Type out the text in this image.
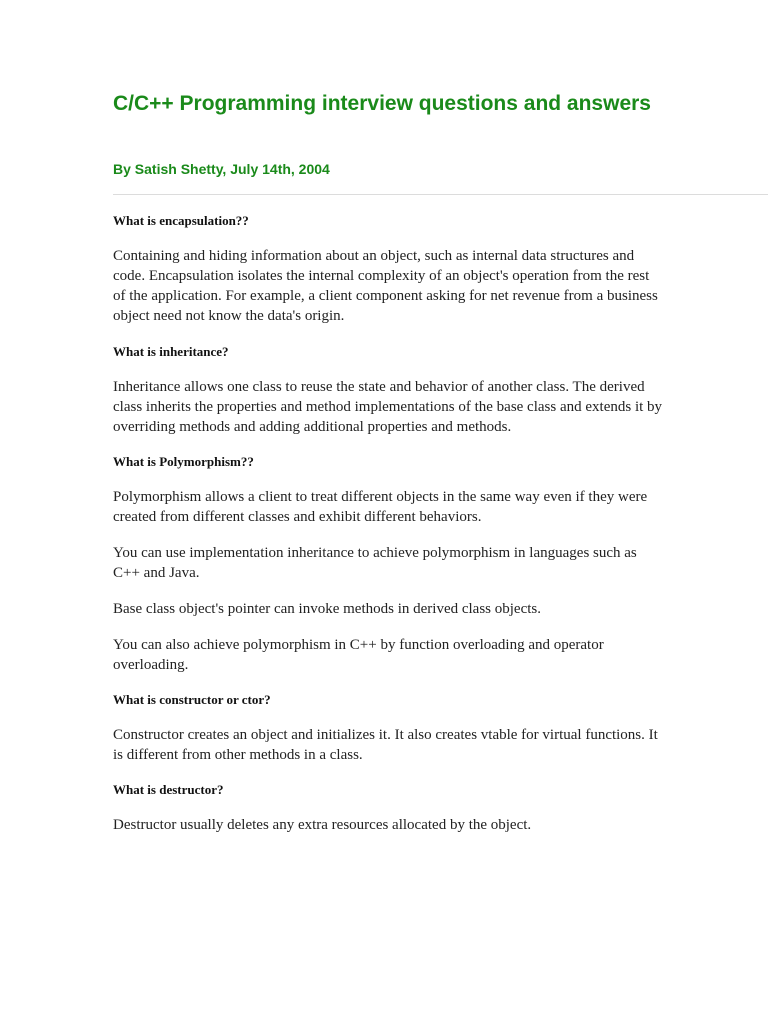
C/C++ Programming interview questions and answers

By Satish Shetty, July 14th, 2004

What is encapsulation??

Containing and hiding information about an object, such as internal data structures and code. Encapsulation isolates the internal complexity of an object's operation from the rest of the application. For example, a client component asking for net revenue from a business object need not know the data's origin.

What is inheritance?

Inheritance allows one class to reuse the state and behavior of another class. The derived class inherits the properties and method implementations of the base class and extends it by overriding methods and adding additional properties and methods.

What is Polymorphism??

Polymorphism allows a client to treat different objects in the same way even if they were created from different classes and exhibit different behaviors.

You can use implementation inheritance to achieve polymorphism in languages such as C++ and Java.

Base class object's pointer can invoke methods in derived class objects.

You can also achieve polymorphism in C++ by function overloading and operator overloading.

What is constructor or ctor?

Constructor creates an object and initializes it. It also creates vtable for virtual functions. It is different from other methods in a class.

What is destructor?

Destructor usually deletes any extra resources allocated by the object.
